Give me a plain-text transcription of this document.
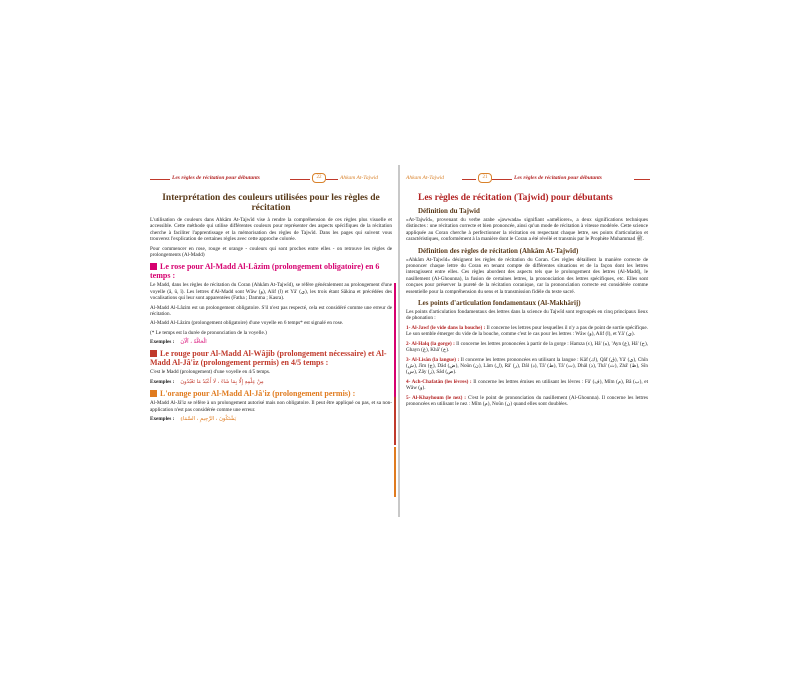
Les règles de récitation pour débutants	22	Ahkam At-Tajwid
Interprétation des couleurs utilisées pour les règles de récitation

L'utilisation de couleurs dans Ahkâm At-Tajwîd vise à rendre la compréhension de ces règles plus visuelle et accessible. Cette méthode qui utilise différentes couleurs pour représenter des aspects spécifiques de la récitation cherche à faciliter l'apprentissage et la mémorisation des règles de Tajwîd. Dans les pages qui suivent vous trouverez l'explication de certaines règles avec cette approche colorée.

Pour commencer en rose, rouge et orange - couleurs qui sont proches entre elles - on retrouve les règles de prolongements (Al-Madd)

Le rose pour Al-Madd Al-Lâzim (prolongement obligatoire) en 6 temps :

Le Madd, dans les règles de récitation du Coran (Ahkâm At-Tajwîd), se réfère généralement au prolongement d'une voyelle (â, û, î). Les lettres d'Al-Madd sont Wâw (و), Alif (ا) et Yâ' (ي), les trois étant Sâkina et précédées des vocalisations qui leur sont apparentées (Fatha ; Damma ; Kasra).

Al-Madd Al-Lâzim est un prolongement obligatoire. S'il n'est pas respecté, cela est considéré comme une erreur de récitation.

Al-Madd Al-Lâzim (prolongement obligatoire) d'une voyelle en 6 temps* est signalé en rose.

(* Le temps est la durée de prononciation de la voyelle.)

Exemples : الْحَاقَّةُ ، آلْآنَ
Le rouge pour Al-Madd Al-Wâjib (prolongement nécessaire) et Al-Madd Al-Jâ'iz (prolongement permis) en 4/5 temps :

C'est le Madd (prolongement) d'une voyelle en 4/5 temps.

Exemples : مِنْ عِلْمِهِ إِلَّا بِمَا شَاءَ ، لَا أَعْبُدُ مَا تَعْبُدُونَ
L'orange pour Al-Madd Al-Jâ'iz (prolongement permis) :

Al-Madd Al-Jâ'iz se réfère à un prolongement autorisé mais non obligatoire. Il peut être appliqué ou pas, et sa non-application n'est pas considérée comme une erreur.

Exemples : يَشْتَكُونَ ، الرَّحِيمِ ، السَّمَاءِ
Ahkam At-Tajwid	21	Les règles de récitation pour débutants
Les règles de récitation (Tajwid) pour débutants
Définition du Tajwid

«At-Tajwîd», provenant du verbe arabe «jawwada» signifiant «améliorer», a deux significations techniques distinctes : une récitation correcte et bien prononcée, ainsi qu'un mode de récitation à vitesse modérée. Cette science appliquée au Coran cherche à perfectionner la récitation en respectant chaque lettre, ses points d'articulation et caractéristiques, conformément à la manière dont le Coran a été révélé et transmis par le Prophète Muhammad ﷺ.

Définition des règles de récitation (Ahkâm At-Tajwîd)

«Ahkâm At-Tajwîd» désignent les règles de récitation du Coran. Ces règles détaillent la manière correcte de prononcer chaque lettre du Coran en tenant compte de différentes situations et de la façon dont les lettres interagissent entre elles. Ces règles abordent des aspects tels que le prolongement des lettres (Al-Madd), le nasillement (Al-Ghounna), la fusion de certaines lettres, la prononciation des lettres spécifiques, etc. Elles sont conçues pour préserver la pureté de la récitation coranique, car la prononciation correcte est considérée comme essentielle pour la compréhension du sens et la transmission fidèle du texte sacré.

Les points d'articulation fondamentaux (Al-Makhârij)

Les points d'articulation fondamentaux des lettres dans la science du Tajwîd sont regroupés en cinq principaux lieux de phonation :

1- Al-Jawf (le vide dans la bouche) : Il concerne les lettres pour lesquelles il n'y a pas de point de sortie spécifique. Le son semble émerger du vide de la bouche, comme c'est le cas pour les lettres : Wâw (و), Alif (ا), et Yâ' (ي).

2- Al-Halq (la gorge) : Il concerne les lettres prononcées à partir de la gorge : Hamza (ء), Hâ' (ه), 'Ayn (ع), Hâ' (ح), Ghayn (غ), Khâ' (خ).

3- Al-Lisân (la langue) : Il concerne les lettres prononcées en utilisant la langue : Kâf (ك), Qâf (ق), Yâ' (ي), Chîn (ش), Jîm (ج), Dâd (ض), Noûn (ن), Lâm (ل), Râ' (ر), Dâl (د), Tâ' (ط), Tâ' (ت), Dhâl (ذ), Thâ' (ث), Zhâ' (ظ), Sîn (س), Zây (ز), Sâd (ص).

4- Ach-Chafatân (les lèvres) : Il concerne les lettres émises en utilisant les lèvres : Fâ' (ف), Mîm (م), Bâ (ب), et Wâw (و).

5- Al-Khayhoum (le nez) : C'est le point de prononciation du nasillement (Al-Ghounna). Il concerne les lettres prononcées en utilisant le nez : Mîm (م), Noûn (ن) quand elles sont doublées.
